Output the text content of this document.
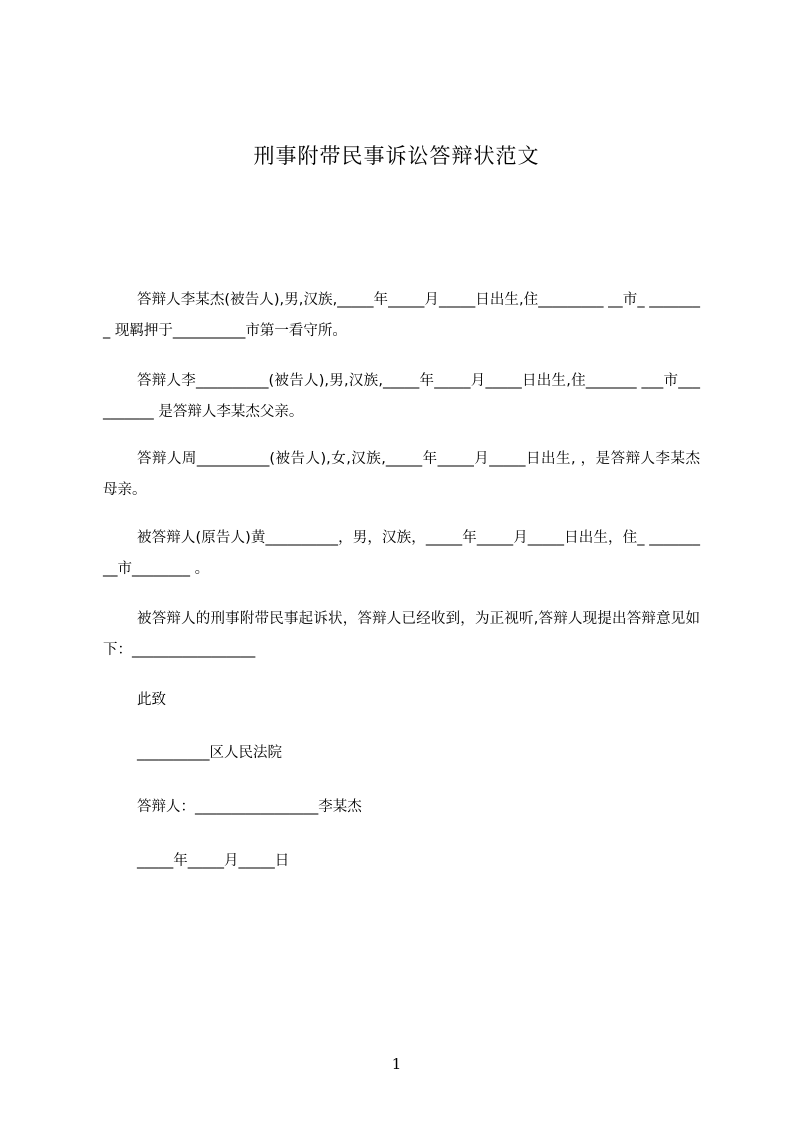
刑事附带民事诉讼答辩状范文
答辩人李某杰(被告人),男,汉族,_____年_____月_____日出生,住_________ __市_ ________ 现羁押于__________市第一看守所。
答辩人李__________(被告人),男,汉族,_____年_____月_____日出生,住_______ ___市__________ 是答辩人李某杰父亲。
答辩人周__________(被告人),女,汉族,_____年_____月_____日出生, ，是答辩人李某杰母亲。
被答辩人(原告人)黄__________，男，汉族，_____年_____月_____日出生，住_ _________市________ 。
被答辩人的刑事附带民事起诉状，答辩人已经收到，为正视听,答辩人现提出答辩意见如下：_________________
此致
__________区人民法院
答辩人：_________________李某杰
_____年_____月_____日
1
